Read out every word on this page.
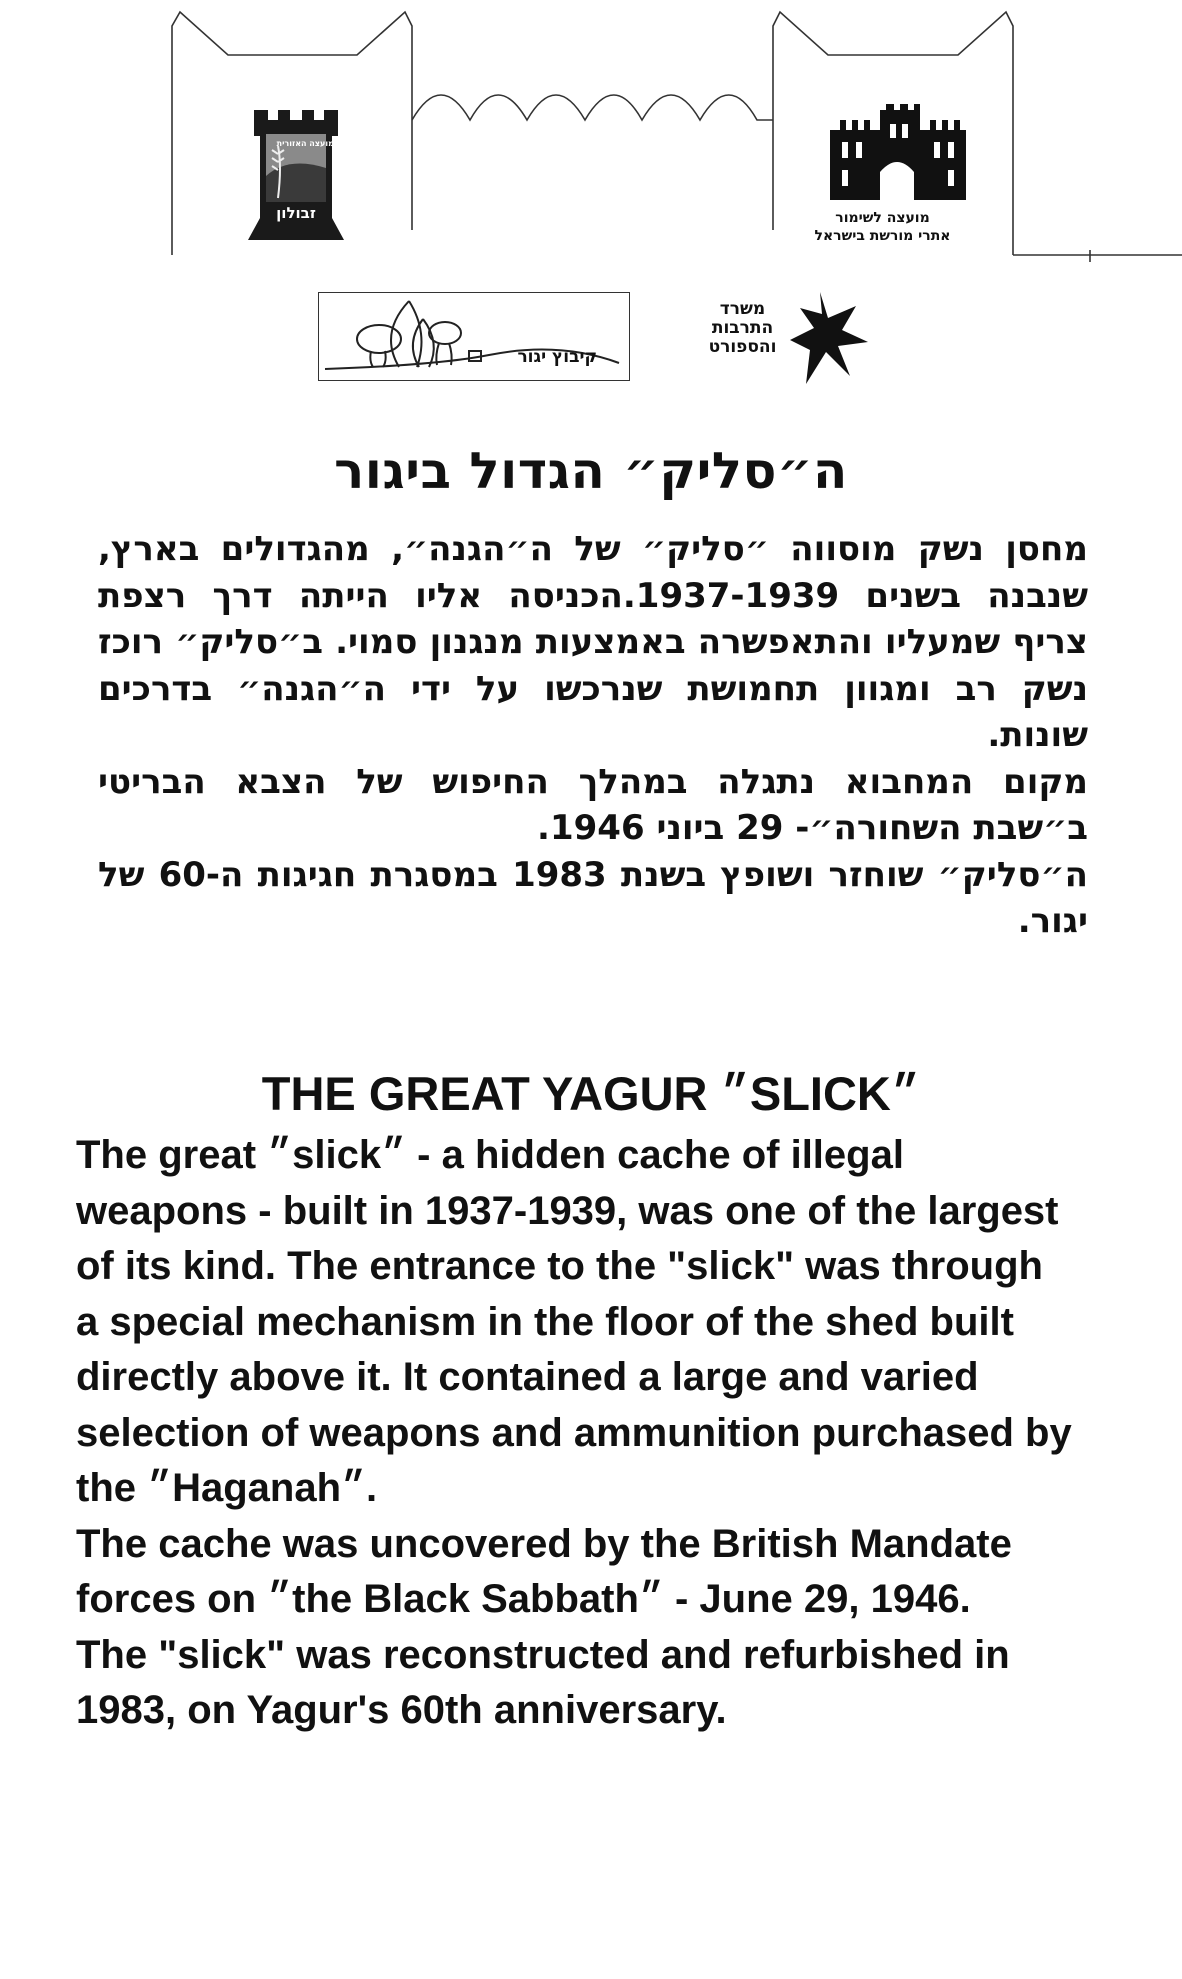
המועצה האזורית
זבולון	מועצה לשימור
אתרי מורשת בישראל
קיבוץ יגור
משרד
התרבות
והספורט
ה״סליק״ הגדול ביגור

מחסן נשק מוסווה ״סליק״ של ה״הגנה״, מהגדולים בארץ, שנבנה בשנים 1937-1939.הכניסה אליו הייתה דרך רצפת צריף שמעליו והתאפשרה באמצעות מנגנון סמוי. ב״סליק״ רוכז נשק רב ומגוון תחמושת שנרכשו על ידי ה״הגנה״ בדרכים שונות.

מקום המחבוא נתגלה במהלך החיפוש של הצבא הבריטי ב״שבת השחורה״- 29 ביוני 1946.

ה״סליק״ שוחזר ושופץ בשנת 1983 במסגרת חגיגות ה-60 של יגור.

THE GREAT YAGUR ״SLICK״

The great ״slick״ - a hidden cache of illegal weapons - built in 1937-1939, was one of the largest of its kind. The entrance to the "slick" was through a special mechanism in the floor of the shed built directly above it. It contained a large and varied selection of weapons and ammunition purchased by the ״Haganah״.

The cache was uncovered by the British Mandate forces on ״the Black Sabbath״ - June 29, 1946.

The "slick" was reconstructed and refurbished in 1983, on Yagur's 60th anniversary.
